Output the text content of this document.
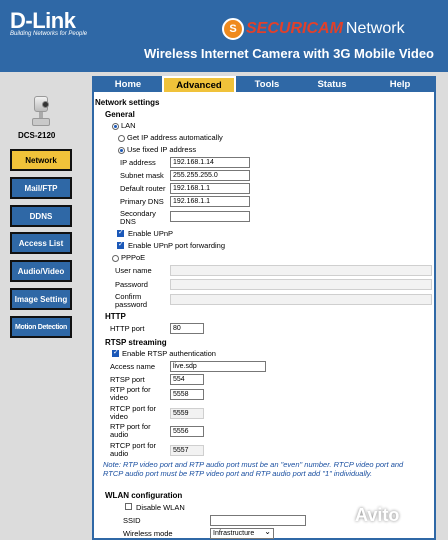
D-Link
Building Networks for People	S SECURICAM Network
Wireless Internet Camera with 3G Mobile Video
DCS-2120
Network
Mail/FTP
DDNS
Access List
Audio/Video
Image Setting
Motion Detection
Home	Advanced	Tools	Status	Help
Network settings
General
LAN
Get IP address automatically
Use fixed IP address
IP address	192.168.1.14
Subnet mask	255.255.255.0
Default router	192.168.1.1
Primary DNS	192.168.1.1
Secondary
DNS
✓
Enable UPnP
✓
Enable UPnP port forwarding
PPPoE
User name
Password
Confirm
password
HTTP
HTTP port	80
RTSP streaming
✓
Enable RTSP authentication
Access name	live.sdp
RTSP port	554
RTP port for
video	5558
RTCP port for
video	5559
RTP port for
audio	5556
RTCP port for
audio	5557
Note: RTP video port and RTP audio port must be an "even" number. RTCP video port and
RTCP audio port must be RTP video port and RTP audio port add "1" individually.
WLAN configuration
Disable WLAN
SSID
Wireless mode	Infrastructure ⌄
Avito
